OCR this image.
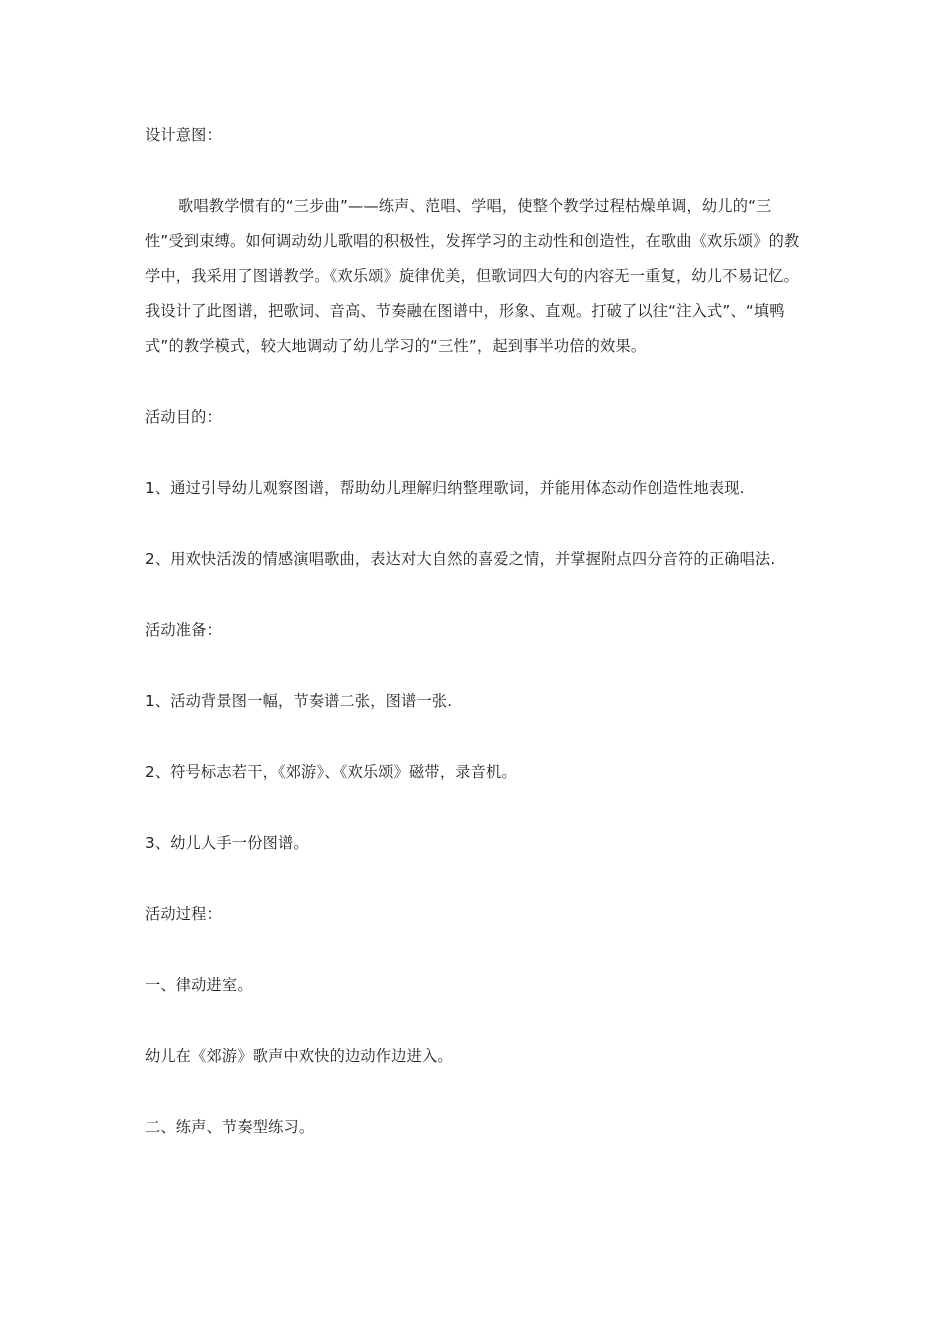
设计意图：

歌唱教学惯有的“三步曲”——练声、范唱、学唱，使整个教学过程枯燥单调，幼儿的“三性”受到束缚。如何调动幼儿歌唱的积极性，发挥学习的主动性和创造性，在歌曲《欢乐颂》的教学中，我采用了图谱教学。《欢乐颂》旋律优美，但歌词四大句的内容无一重复，幼儿不易记忆。我设计了此图谱，把歌词、音高、节奏融在图谱中，形象、直观。打破了以往“注入式”、“填鸭式”的教学模式，较大地调动了幼儿学习的“三性”，起到事半功倍的效果。

活动目的：

1、通过引导幼儿观察图谱，帮助幼儿理解归纳整理歌词，并能用体态动作创造性地表现.

2、用欢快活泼的情感演唱歌曲，表达对大自然的喜爱之情，并掌握附点四分音符的正确唱法.

活动准备：

1、活动背景图一幅，节奏谱二张，图谱一张.

2、符号标志若干，《郊游》、《欢乐颂》磁带，录音机。

3、幼儿人手一份图谱。

活动过程：

一、律动进室。

幼儿在《郊游》歌声中欢快的边动作边进入。

二、练声、节奏型练习。
